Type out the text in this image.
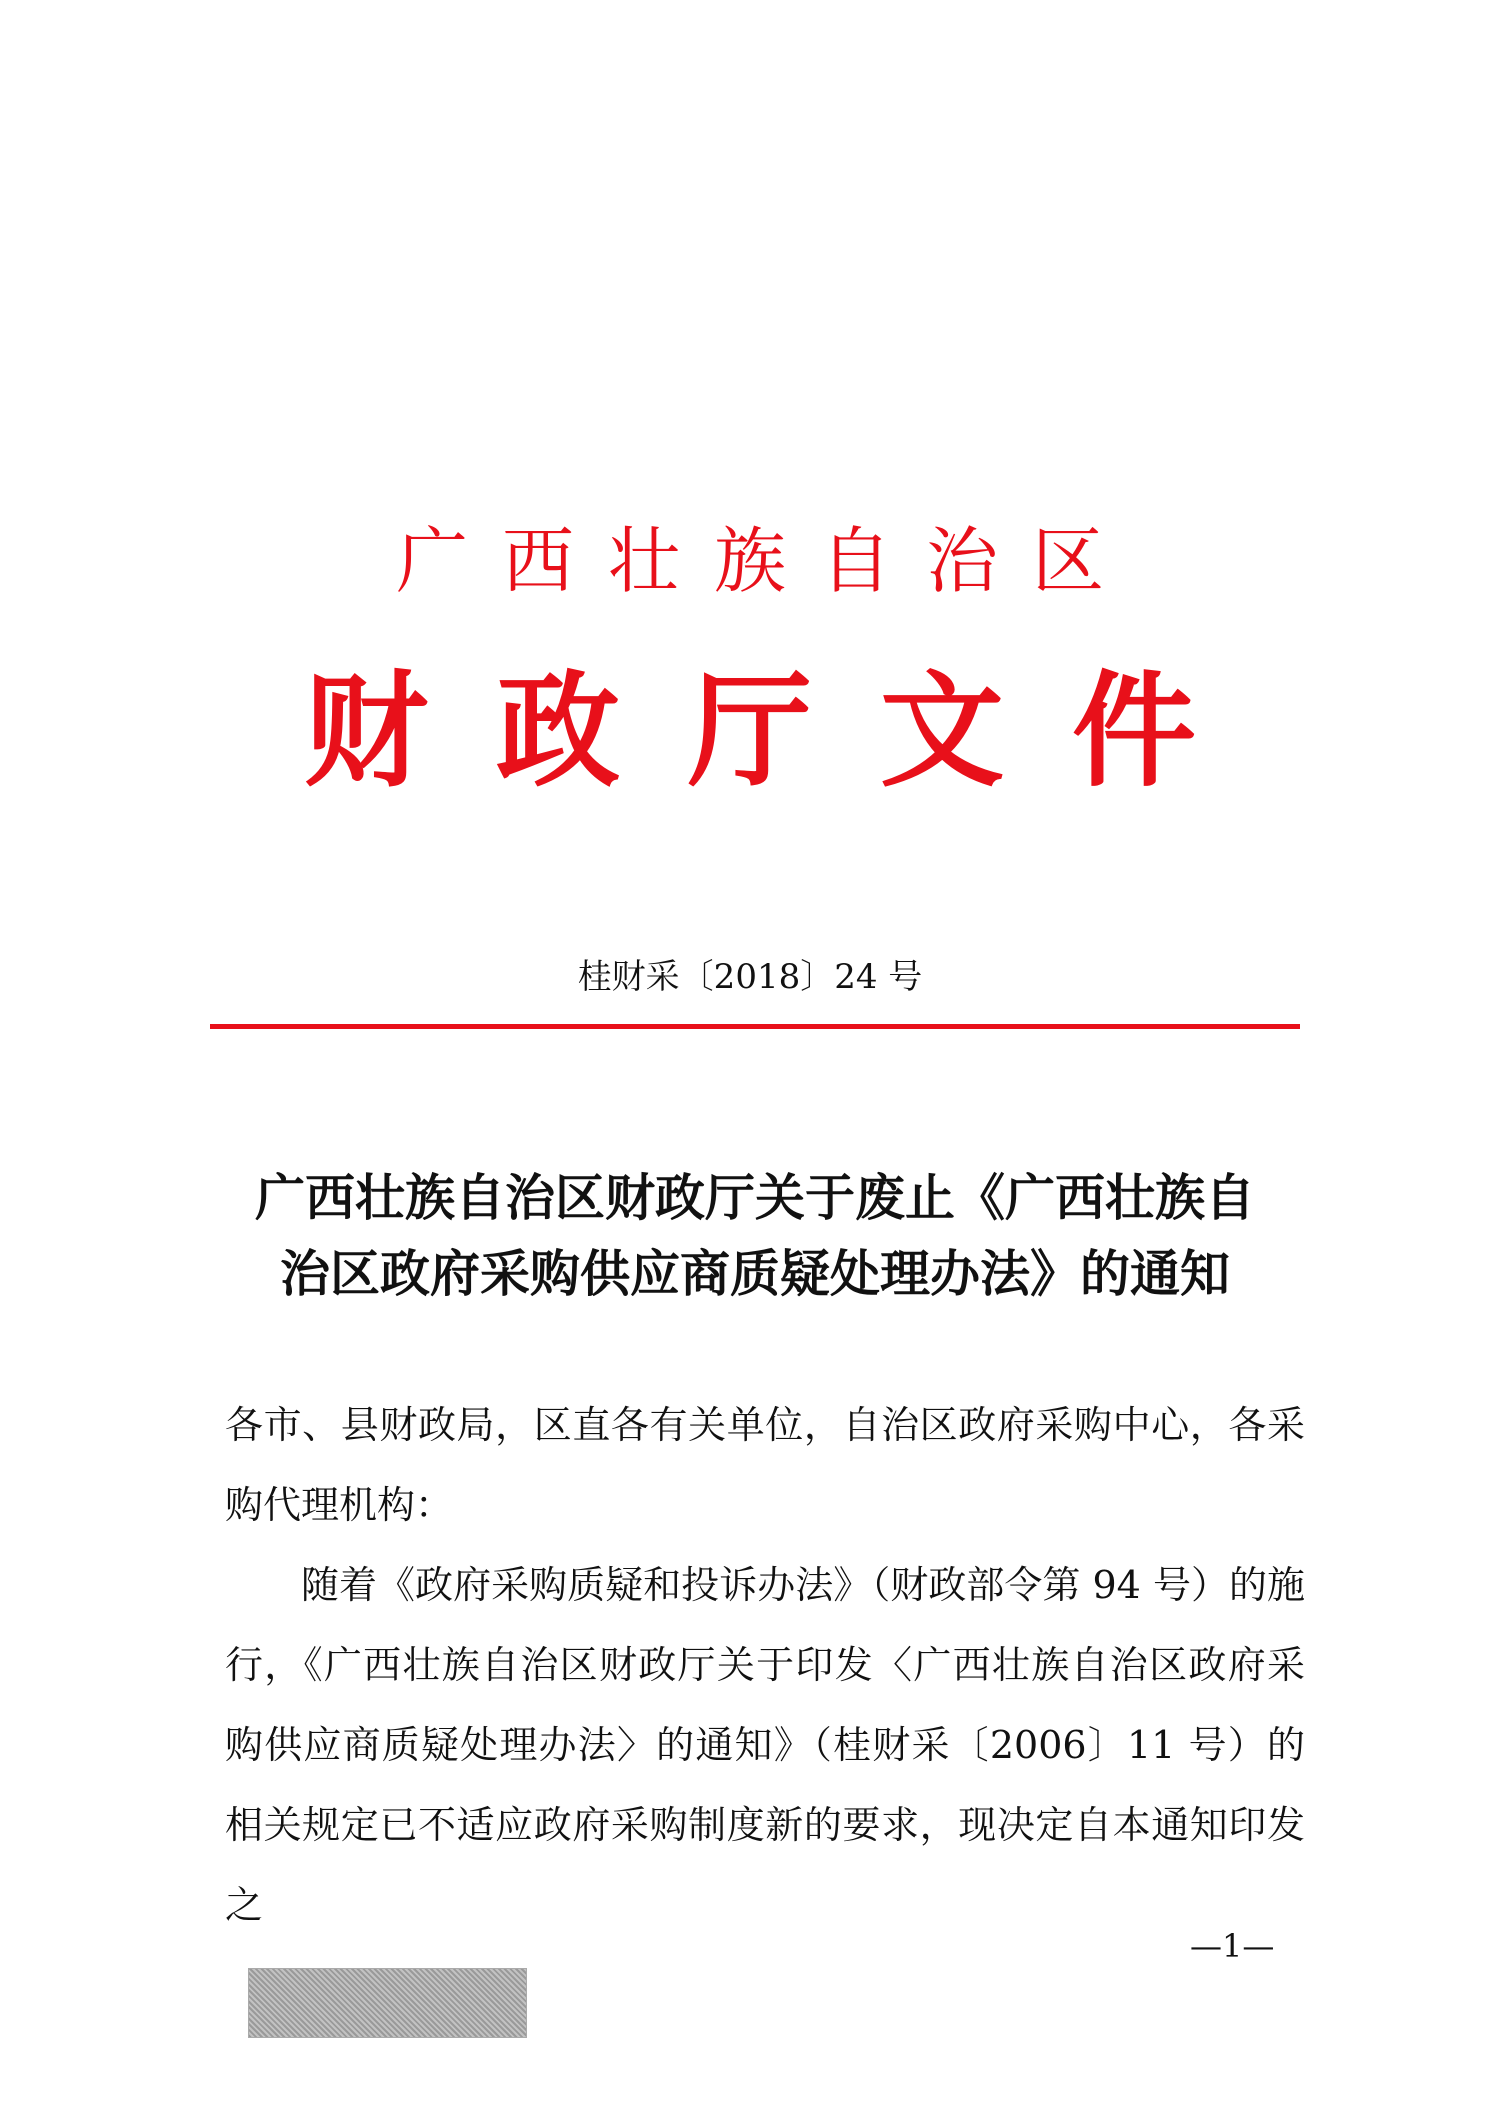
广西壮族自治区
财政厅文件
桂财采〔2018〕24 号
广西壮族自治区财政厅关于废止《广西壮族自
治区政府采购供应商质疑处理办法》的通知
各市、县财政局，区直各有关单位，自治区政府采购中心，各采购代理机构：
随着《政府采购质疑和投诉办法》（财政部令第 94 号）的施行，《广西壮族自治区财政厅关于印发〈广西壮族自治区政府采购供应商质疑处理办法〉的通知》（桂财采〔2006〕11 号）的相关规定已不适应政府采购制度新的要求，现决定自本通知印发之
—1—
